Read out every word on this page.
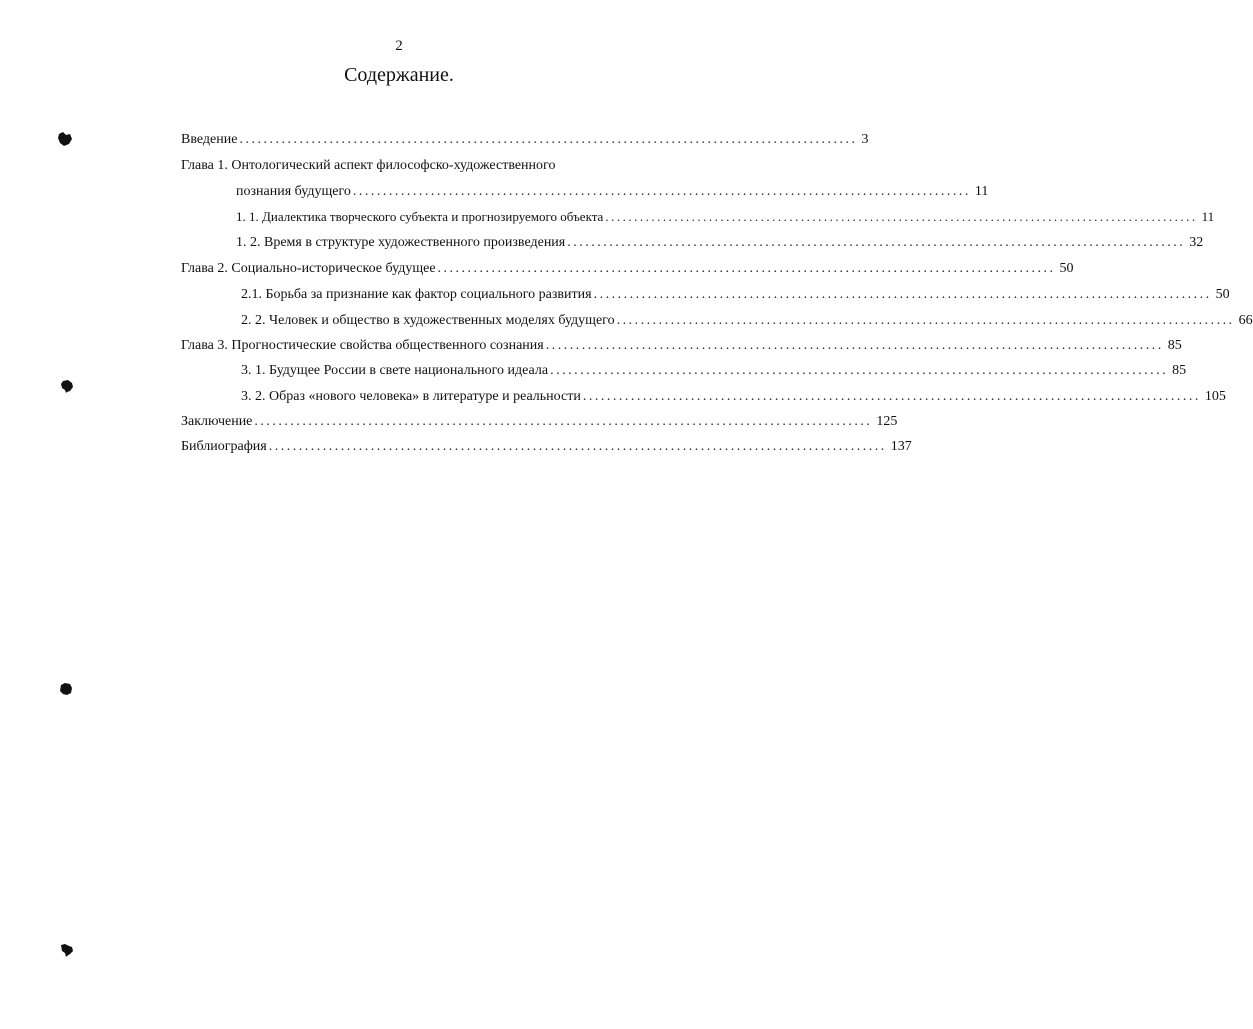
2
Содержание.
Введение ....................................................................................................... 3
Глава 1. Онтологический аспект философско-художественного
познания будущего ....................................................................................................... 11
1. 1. Диалектика творческого субъекта и прогнозируемого объекта ....................................................................................................... 11
1. 2. Время в структуре художественного произведения ....................................................................................................... 32
Глава 2. Социально-историческое будущее ....................................................................................................... 50
2.1. Борьба за признание как фактор социального развития ....................................................................................................... 50
2. 2. Человек и общество в художественных моделях будущего ....................................................................................................... 66
Глава 3. Прогностические свойства общественного сознания ....................................................................................................... 85
3. 1. Будущее России в свете национального идеала ....................................................................................................... 85
3. 2. Образ «нового человека» в литературе и реальности ....................................................................................................... 105
Заключение ....................................................................................................... 125
Библиография ....................................................................................................... 137
